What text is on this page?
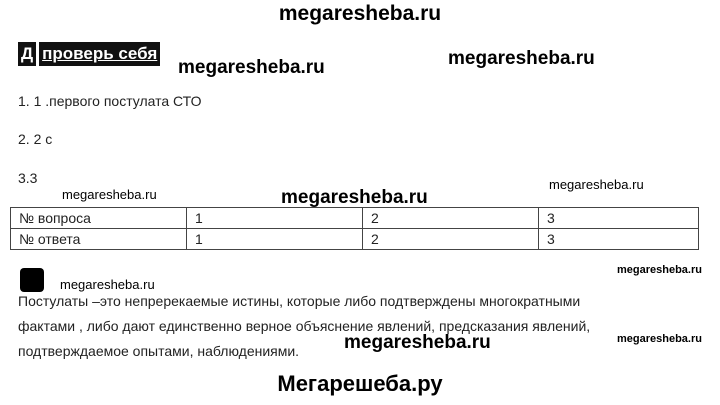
megaresheba.ru
Д проверь себя
megaresheba.ru	megaresheba.ru
1. 1 .первого постулата СТО
2. 2 с
3.3
megaresheba.ru	megaresheba.ru
megaresheba.ru
№ вопроса	1	2	3
№ ответа	1	2	3
megaresheba.ru
megaresheba.ru
Постулаты –это непререкаемые истины, которые либо подтверждены многократными
фактами , либо дают единственно верное объяснение явлений, предсказания явлений,
подтверждаемое опытами, наблюдениями.	megaresheba.ru	megaresheba.ru
Мегарешеба.ру
